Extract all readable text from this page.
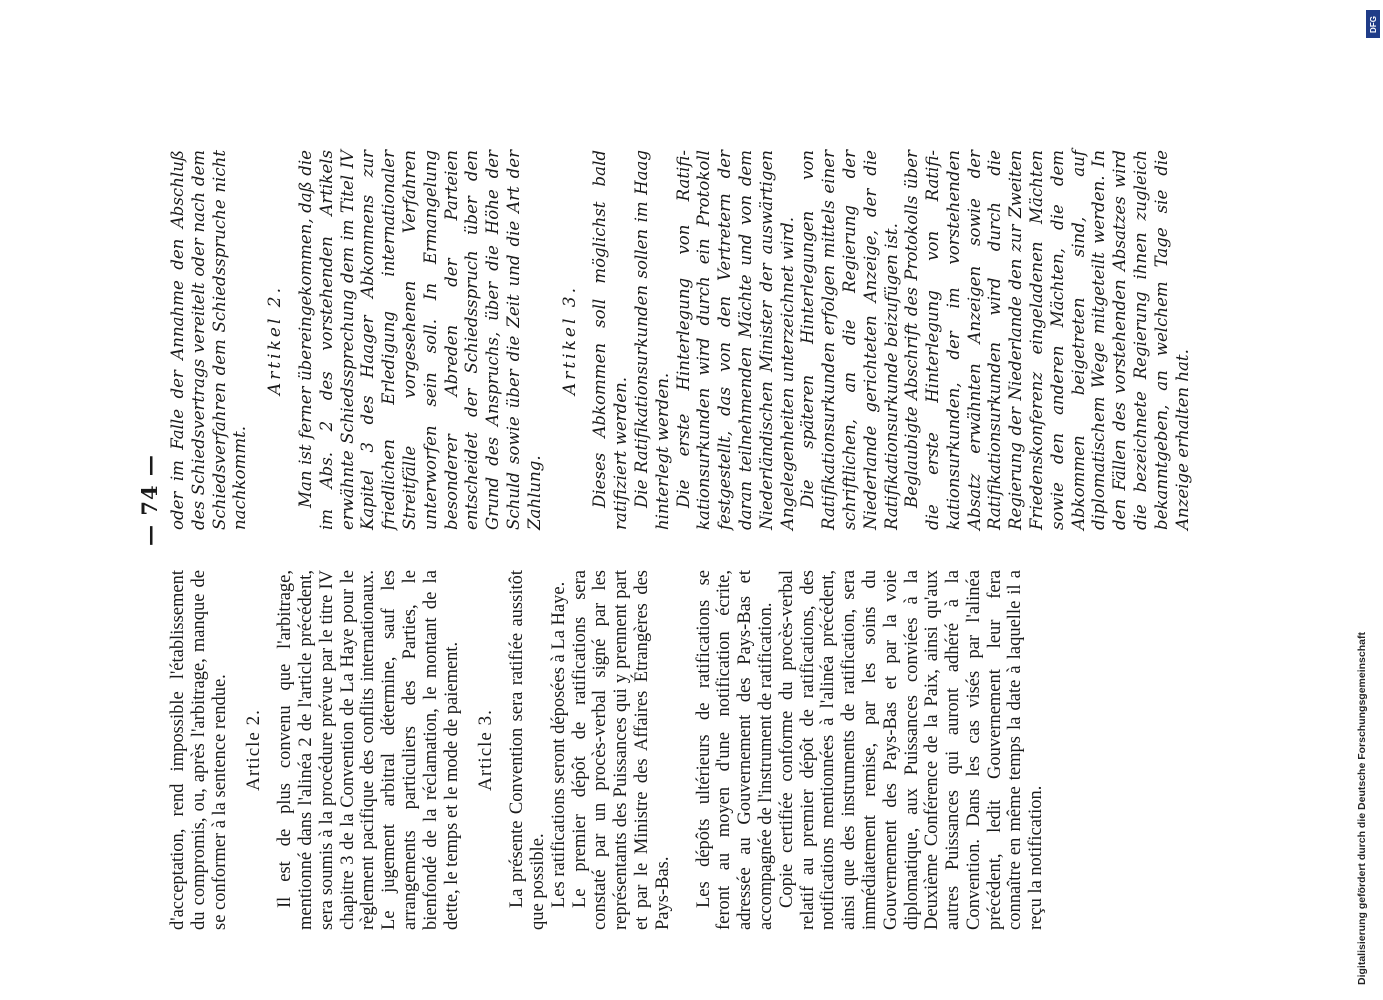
— 74 —

d'acceptation, rend impossible l'établissement du compromis, ou, après l'arbitrage, manque de se conformer à la sentence rendue. Article 2. Il est de plus convenu que l'arbitrage, mentionné dans l'alinéa 2 de l'article précédent, sera soumis à la procédure prévue par le titre IV chapitre 3 de la Convention de La Haye pour le règlement pacifique des conflits internationaux. Le jugement arbitral détermine, sauf les arrangements particuliers des Parties, le bienfondé de la réclamation, le montant de la dette, le temps et le mode de paiement. Article 3. La présente Convention sera ratifiée aussitôt que possible. Les ratifications seront déposées à La Haye. Le premier dépôt de ratifications sera constaté par un procès-verbal signé par les représentants des Puissances qui y prennent part et par le Ministre des Affaires Étrangères des Pays-Bas. Les dépôts ultérieurs de ratifications se feront au moyen d'une notification écrite, adressée au Gouvernement des Pays-Bas et accompagnée de l'instrument de ratification. Copie certifiée conforme du procès-verbal relatif au premier dépôt de ratifications, des notifications mentionnées à l'alinéa précédent, ainsi que des instruments de ratification, sera immédiatement remise, par les soins du Gouvernement des Pays-Bas et par la voie diplomatique, aux Puissances conviées à la Deuxième Conférence de la Paix, ainsi qu'aux autres Puissances qui auront adhéré à la Convention. Dans les cas visés par l'alinéa précédent, ledit Gouvernement leur fera connaître en même temps la date à laquelle il a reçu la notification.

oder im Falle der Annahme den Abschluß des Schiedsvertrags vereitelt oder nach dem Schiedsverfahren dem Schiedsspruche nicht nachkommt.

Artikel 2. Man ist ferner übereingekommen, daß die im Abs. 2 des vorstehenden Artikels erwähnte Schiedssprechung dem im Titel IV Kapitel 3 des Haager Abkommens zur friedlichen Erledigung internationaler Streitfälle vorgesehenen Verfahren unterworfen sein soll. In Ermangelung besonderer Abreden der Parteien entscheidet der Schiedsspruch über den Grund des Anspruchs, über die Höhe der Schuld sowie über die Zeit und die Art der Zahlung.

Artikel 3. Dieses Abkommen soll möglichst bald ratifiziert werden. Die Ratifikationsurkunden sollen im Haag hinterlegt werden. Die erste Hinterlegung von Ratifikationsurkunden wird durch ein Protokoll festgestellt, das von den Vertretern der daran teilnehmenden Mächte und von dem Niederländischen Minister der auswärtigen Angelegenheiten unterzeichnet wird. Die späteren Hinterlegungen von Ratifikationsurkunden erfolgen mittels einer schriftlichen, an die Regierung der Niederlande gerichteten Anzeige, der die Ratifikationsurkunde beizufügen ist. Beglaubigte Abschrift des Protokolls über die erste Hinterlegung von Ratifikationsurkunden, der im vorstehenden Absatz erwähnten Anzeigen sowie der Ratifikationsurkunden wird durch die Regierung der Niederlande den zur Zweiten Friedenskonferenz eingeladenen Mächten sowie den anderen Mächten, die dem Abkommen beigetreten sind, auf diplomatischem Wege mitgeteilt werden. In den Fällen des vorstehenden Absatzes wird die bezeichnete Regierung ihnen zugleich bekanntgeben, an welchem Tage sie die Anzeige erhalten hat.

DFG
Digitalisierung gefördert durch die Deutsche Forschungsgemeinschaft
